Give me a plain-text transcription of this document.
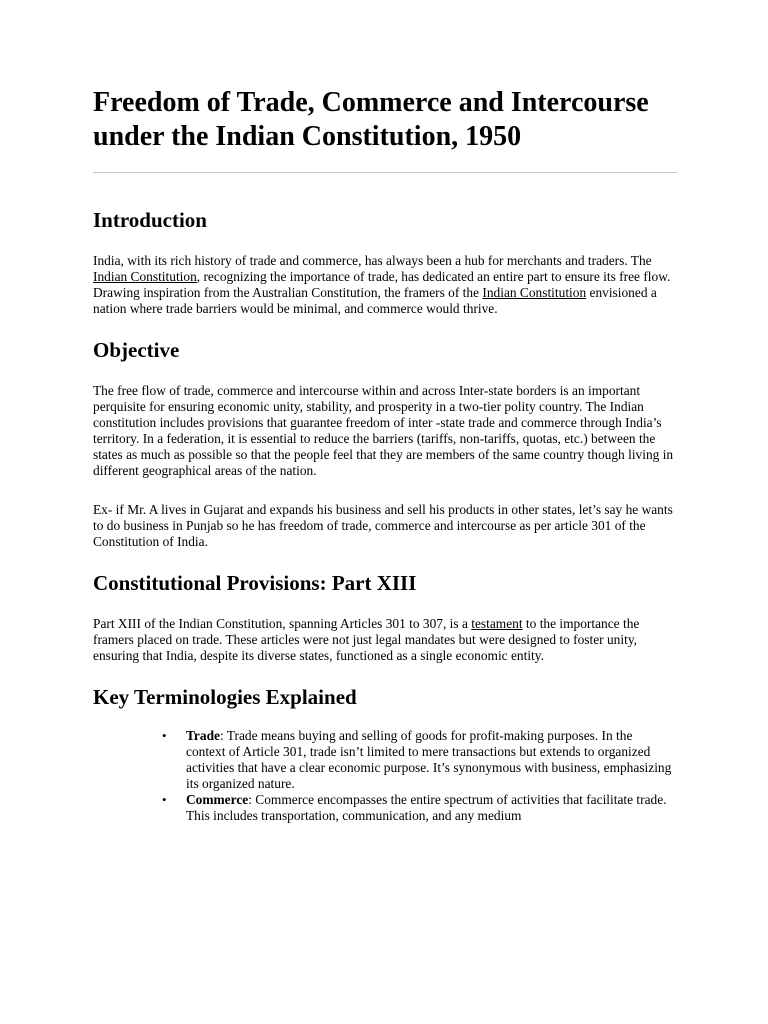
Freedom of Trade, Commerce and Intercourse under the Indian Constitution, 1950
Introduction

India, with its rich history of trade and commerce, has always been a hub for merchants and traders. The Indian Constitution, recognizing the importance of trade, has dedicated an entire part to ensure its free flow. Drawing inspiration from the Australian Constitution, the framers of the Indian Constitution envisioned a nation where trade barriers would be minimal, and commerce would thrive.

Objective

The free flow of trade, commerce and intercourse within and across Inter-state borders is an important perquisite for ensuring economic unity, stability, and prosperity in a two-tier polity country. The Indian constitution includes provisions that guarantee freedom of inter -state trade and commerce through India’s territory. In a federation, it is essential to reduce the barriers (tariffs, non-tariffs, quotas, etc.) between the states as much as possible so that the people feel that they are members of the same country though living in different geographical areas of the nation.

Ex- if Mr. A lives in Gujarat and expands his business and sell his products in other states, let’s say he wants to do business in Punjab so he has freedom of trade, commerce and intercourse as per article 301 of the Constitution of India.

Constitutional Provisions: Part XIII

Part XIII of the Indian Constitution, spanning Articles 301 to 307, is a testament to the importance the framers placed on trade. These articles were not just legal mandates but were designed to foster unity, ensuring that India, despite its diverse states, functioned as a single economic entity.

Key Terminologies Explained
• Trade: Trade means buying and selling of goods for profit-making purposes. In the context of Article 301, trade isn’t limited to mere transactions but extends to organized activities that have a clear economic purpose. It’s synonymous with business, emphasizing its organized nature.
• Commerce: Commerce encompasses the entire spectrum of activities that facilitate trade. This includes transportation, communication, and any medium
